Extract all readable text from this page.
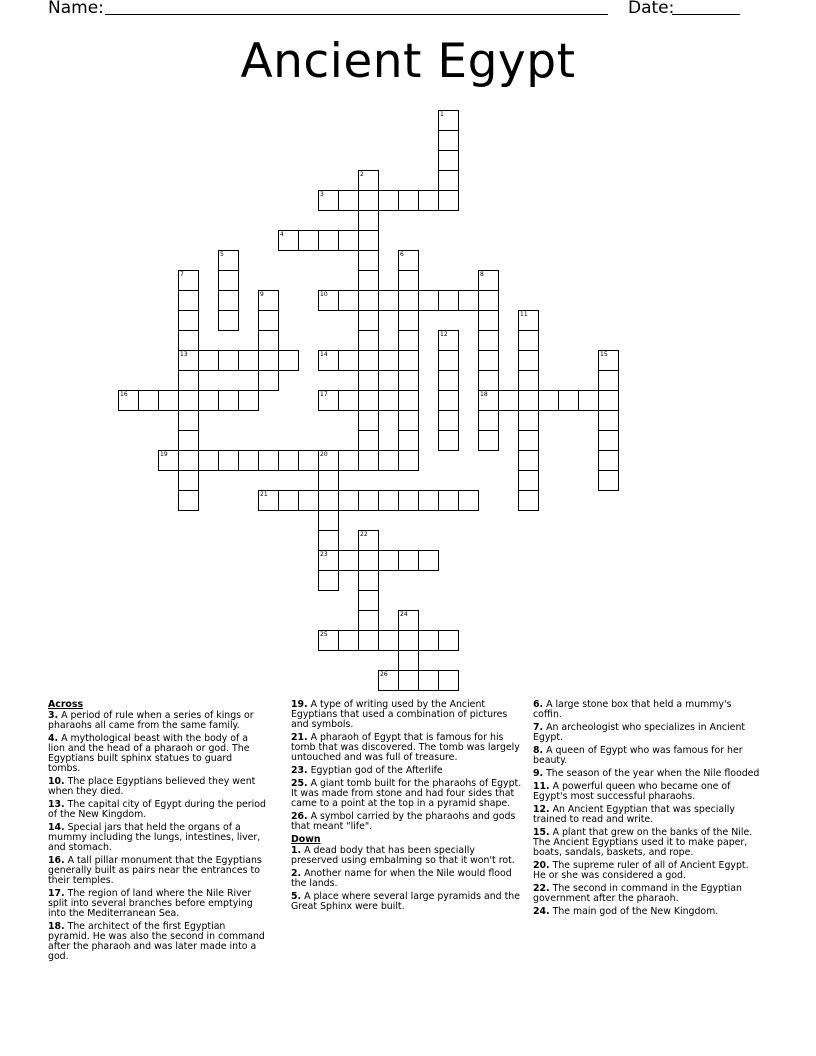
Name:	Date:
Ancient Egypt
1
2
3
4
5	6
7	8
9	10
11
12
13	14	15
16	17	18
19	20
21
22
23
24
25
26
Across

3. A period of rule when a series of kings or pharaohs all came from the same family.

4. A mythological beast with the body of a lion and the head of a pharaoh or god. The Egyptians built sphinx statues to guard tombs.

10. The place Egyptians believed they went when they died.

13. The capital city of Egypt during the period of the New Kingdom.

14. Special jars that held the organs of a mummy including the lungs, intestines, liver, and stomach.

16. A tall pillar monument that the Egyptians generally built as pairs near the entrances to their temples.

17. The region of land where the Nile River split into several branches before emptying into the Mediterranean Sea.

18. The architect of the first Egyptian pyramid. He was also the second in command after the pharaoh and was later made into a god.

19. A type of writing used by the Ancient Egyptians that used a combination of pictures and symbols.

21. A pharaoh of Egypt that is famous for his tomb that was discovered. The tomb was largely untouched and was full of treasure.

23. Egyptian god of the Afterlife

25. A giant tomb built for the pharaohs of Egypt. It was made from stone and had four sides that came to a point at the top in a pyramid shape.

26. A symbol carried by the pharaohs and gods that meant "life".

Down

1. A dead body that has been specially preserved using embalming so that it won't rot.

2. Another name for when the Nile would flood the lands.

5. A place where several large pyramids and the Great Sphinx were built.

6. A large stone box that held a mummy's coffin.

7. An archeologist who specializes in Ancient Egypt.

8. A queen of Egypt who was famous for her beauty.

9. The season of the year when the Nile flooded

11. A powerful queen who became one of Egypt's most successful pharaohs.

12. An Ancient Egyptian that was specially trained to read and write.

15. A plant that grew on the banks of the Nile. The Ancient Egyptians used it to make paper, boats, sandals, baskets, and rope.

20. The supreme ruler of all of Ancient Egypt. He or she was considered a god.

22. The second in command in the Egyptian government after the pharaoh.

24. The main god of the New Kingdom.
